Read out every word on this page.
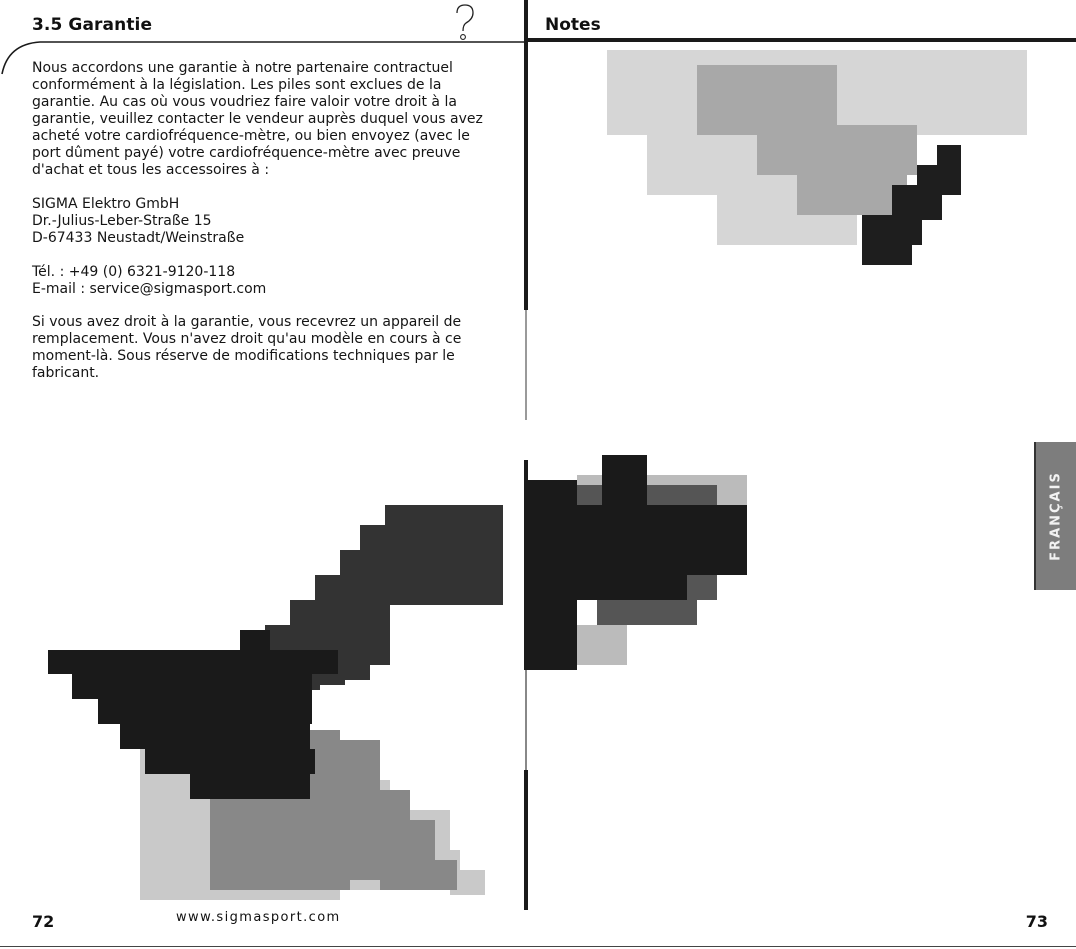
3.5 Garantie

Nous accordons une garantie à notre partenaire contractuel
conformément à la législation. Les piles sont exclues de la
garantie. Au cas où vous voudriez faire valoir votre droit à la
garantie, veuillez contacter le vendeur auprès duquel vous avez
acheté votre cardiofréquence-mètre, ou bien envoyez (avec le
port dûment payé) votre cardiofréquence-mètre avec preuve
d'achat et tous les accessoires à :

SIGMA Elektro GmbH
Dr.-Julius-Leber-Straße 15
D-67433 Neustadt/Weinstraße

Tél. : +49 (0) 6321-9120-118
E-mail : service@sigmasport.com

Si vous avez droit à la garantie, vous recevrez un appareil de
remplacement. Vous n'avez droit qu'au modèle en cours à ce
moment-là. Sous réserve de modifications techniques par le
fabricant.

72	www.sigmasport.com
Notes
FRANÇAIS
73
